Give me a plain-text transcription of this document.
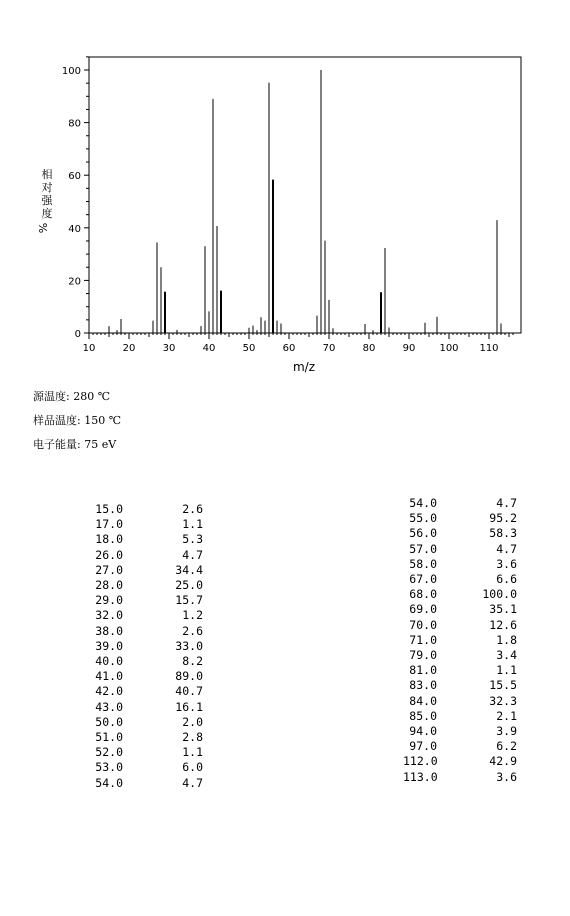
0
20
40
60
80
100
10	20	30	40	50	60	70	80	90 100 110
m/z
%
相对强度
源温度: 280 ℃
样品温度: 150 ℃
电子能量: 75 eV
15.0	2.6
17.0	1.1
18.0	5.3
26.0	4.7
27.0	34.4
28.0	25.0
29.0	15.7
32.0	1.2
38.0	2.6
39.0	33.0
40.0	8.2
41.0	89.0
42.0	40.7
43.0	16.1
50.0	2.0
51.0	2.8
52.0	1.1
53.0	6.0
54.0	4.7
54.0	4.7
55.0	95.2
56.0	58.3
57.0	4.7
58.0	3.6
67.0	6.6
68.0	100.0
69.0	35.1
70.0	12.6
71.0	1.8
79.0	3.4
81.0	1.1
83.0	15.5
84.0	32.3
85.0	2.1
94.0	3.9
97.0	6.2
112.0	42.9
113.0	3.6
